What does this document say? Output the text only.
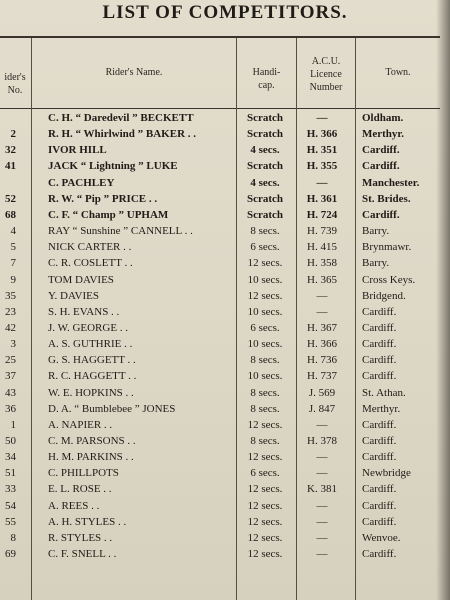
LIST OF COMPETITORS.
ider's
No.
Rider's Name.	Handi-
cap.
A.C.U.
Licence
Number
Town.
C. H. “ Daredevil ” BECKETT	Scratch	—	Oldham.
2	R. H. “ Whirlwind ” BAKER . .	Scratch	H. 366	Merthyr.
32	IVOR HILL	4 secs.	H. 351	Cardiff.
41	JACK “ Lightning ” LUKE	Scratch	H. 355	Cardiff.
C. PACHLEY	4 secs.	—	Manchester.
52	R. W. “ Pip ” PRICE . .	Scratch	H. 361	St. Brides.
68	C. F. “ Champ ” UPHAM	Scratch	H. 724	Cardiff.
4	RAY “ Sunshine ” CANNELL . .	8 secs.	H. 739	Barry.
5	NICK CARTER . .	6 secs.	H. 415	Brynmawr.
7	C. R. COSLETT . .	12 secs.	H. 358	Barry.
9	TOM DAVIES	10 secs.	H. 365	Cross Keys.
35	Y. DAVIES	12 secs.	—	Bridgend.
23	S. H. EVANS . .	10 secs.	—	Cardiff.
42	J. W. GEORGE . .	6 secs.	H. 367	Cardiff.
3	A. S. GUTHRIE . .	10 secs.	H. 366	Cardiff.
25	G. S. HAGGETT . .	8 secs.	H. 736	Cardiff.
37	R. C. HAGGETT . .	10 secs.	H. 737	Cardiff.
43	W. E. HOPKINS . .	8 secs.	J. 569	St. Athan.
36	D. A. “ Bumblebee ” JONES	8 secs.	J. 847	Merthyr.
1	A. NAPIER . .	12 secs.	—	Cardiff.
50	C. M. PARSONS . .	8 secs.	H. 378	Cardiff.
34	H. M. PARKINS . .	12 secs.	—	Cardiff.
51	C. PHILLPOTS	6 secs.	—	Newbridge
33	E. L. ROSE . .	12 secs.	K. 381	Cardiff.
54	A. REES . .	12 secs.	—	Cardiff.
55	A. H. STYLES . .	12 secs.	—	Cardiff.
8	R. STYLES . .	12 secs.	—	Wenvoe.
69	C. F. SNELL . .	12 secs.	—	Cardiff.
